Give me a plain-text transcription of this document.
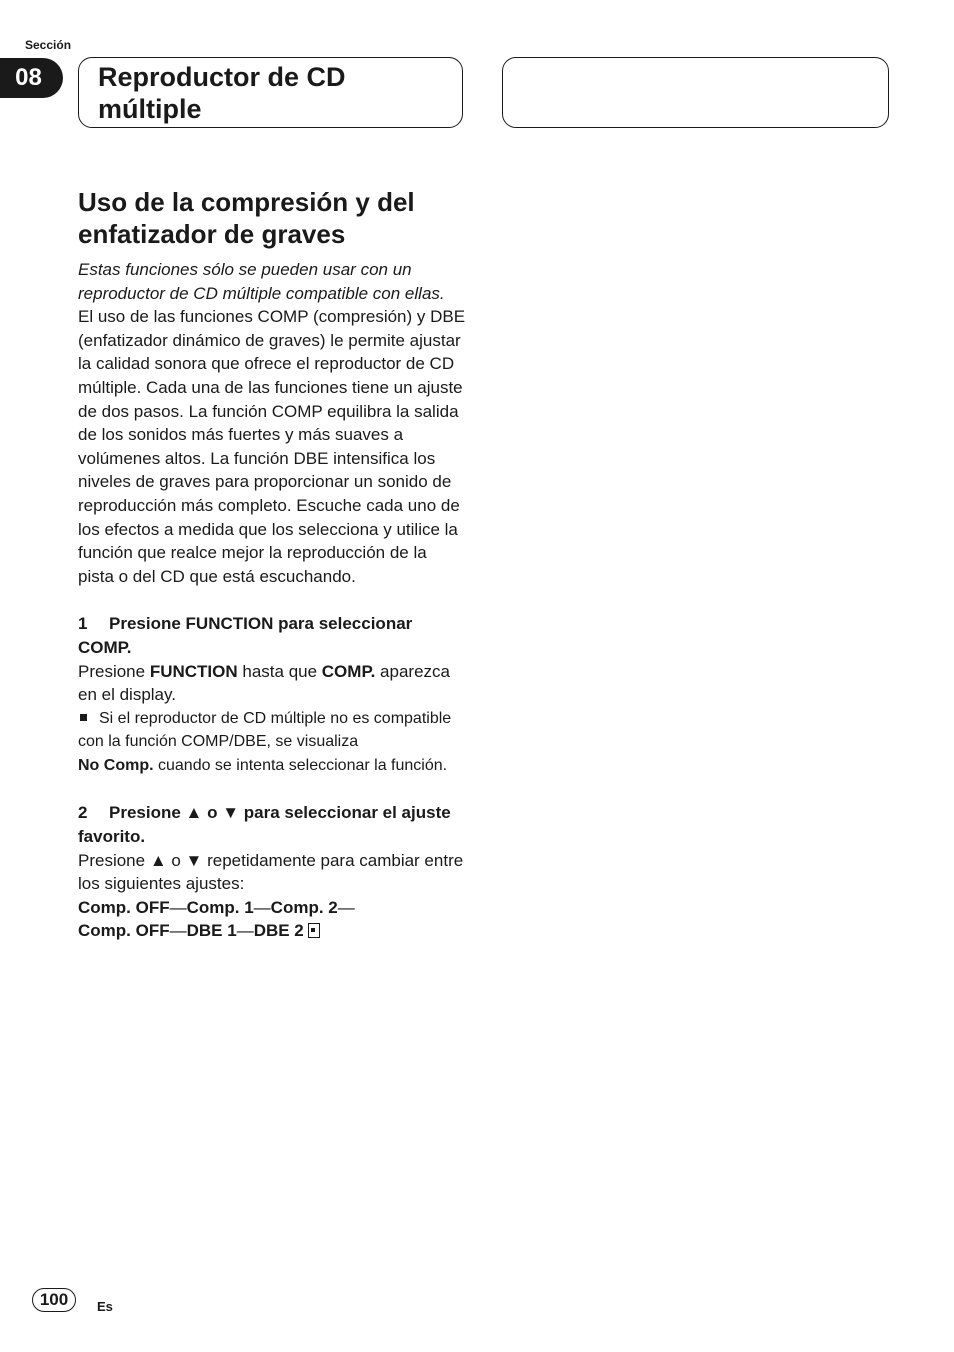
Sección
08	Reproductor de CD
múltiple
Uso de la compresión y del
enfatizador de graves

Estas funciones sólo se pueden usar con un reproductor de CD múltiple compatible con ellas.

El uso de las funciones COMP (compresión) y DBE (enfatizador dinámico de graves) le permite ajustar la calidad sonora que ofrece el reproductor de CD múltiple. Cada una de las funciones tiene un ajuste de dos pasos. La función COMP equilibra la salida de los sonidos más fuertes y más suaves a volúmenes altos. La función DBE intensifica los niveles de graves para proporcionar un sonido de reproducción más completo. Escuche cada uno de los efectos a medida que los selecciona y utilice la función que realce mejor la reproducción de la pista o del CD que está escuchando.

1 Presione FUNCTION para seleccionar COMP.

Presione FUNCTION hasta que COMP. aparezca en el display.

Si el reproductor de CD múltiple no es compatible con la función COMP/DBE, se visualiza
No Comp. cuando se intenta seleccionar la función.

2 Presione ▲ o ▼ para seleccionar el ajuste favorito.

Presione ▲ o ▼ repetidamente para cambiar entre los siguientes ajustes:

Comp. OFF—Comp. 1—Comp. 2—
Comp. OFF—DBE 1—DBE 2

100	Es
